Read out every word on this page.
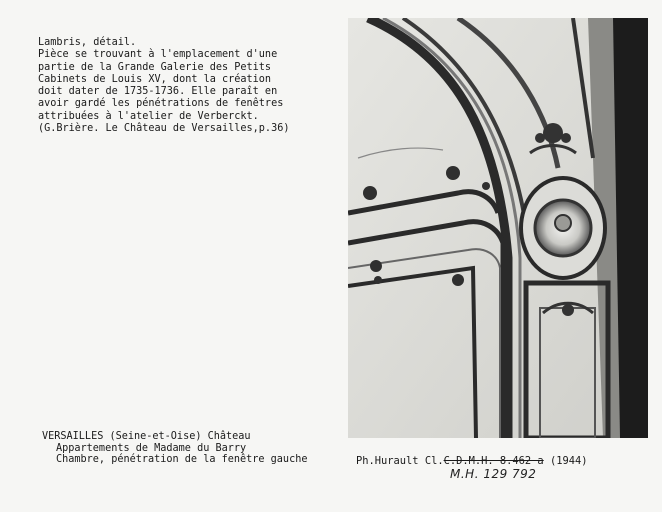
Lambris, détail.
Pièce se trouvant à l'emplacement d'une
partie de la Grande Galerie des Petits
Cabinets de Louis XV, dont la création
doit dater de 1735-1736. Elle paraît en
avoir gardé les pénétrations de fenêtres
attribuées à l'atelier de Verberckt.
(G.Brière. Le Château de Versailles,p.36)
VERSAILLES (Seine-et-Oise) Château
Appartements de Madame du Barry
Chambre, pénétration de la fenêtre gauche	Ph.Hurault Cl.C.D.M.H. 8.462 a (1944)
M.H. 129 792
